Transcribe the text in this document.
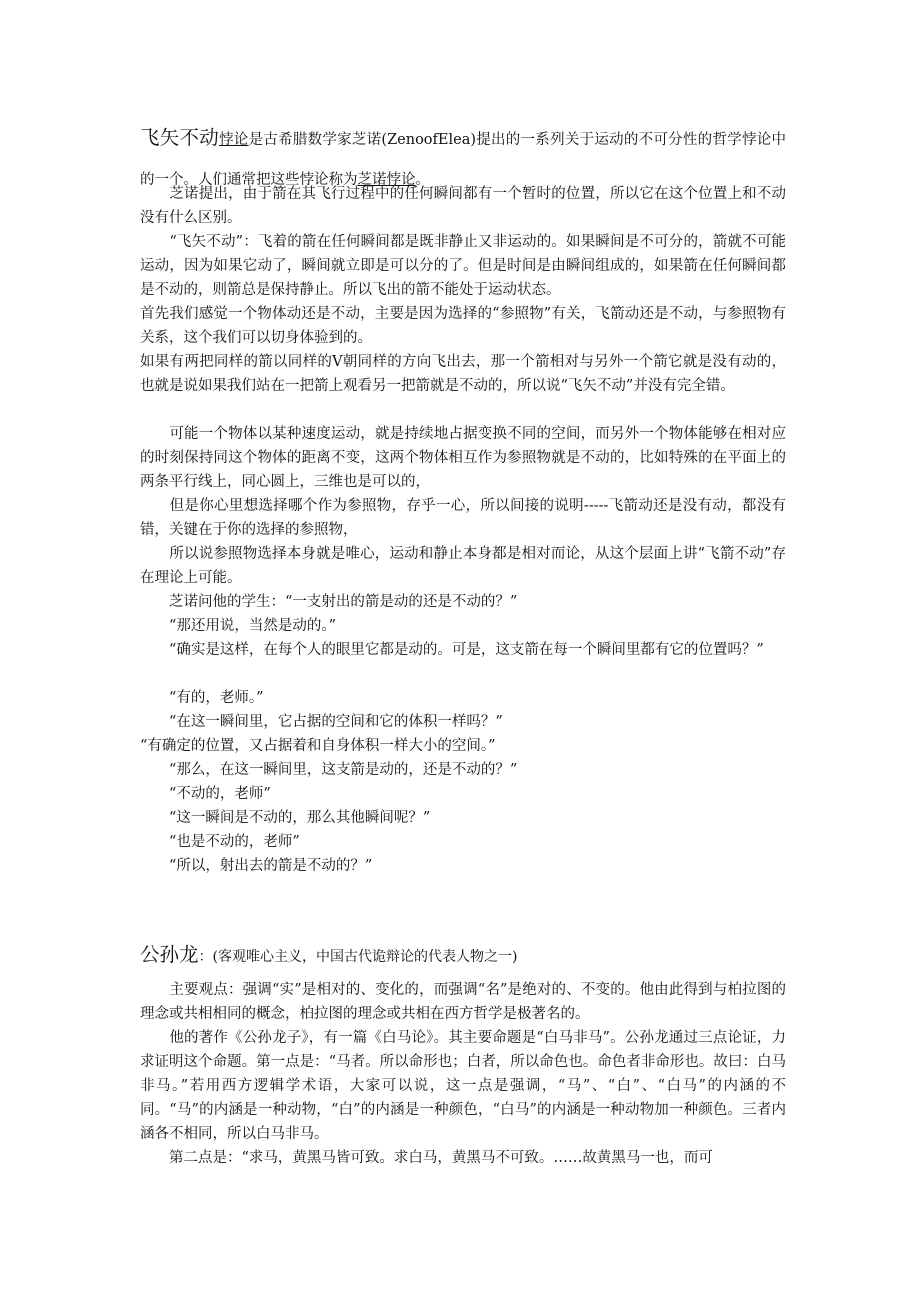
飞矢不动悖论是古希腊数学家芝诺(ZenoofElea)提出的一系列关于运动的不可分性的哲学悖论中的一个。人们通常把这些悖论称为芝诺悖论。

　　芝诺提出，由于箭在其飞行过程中的任何瞬间都有一个暂时的位置，所以它在这个位置上和不动没有什么区别。

　　“飞矢不动”：飞着的箭在任何瞬间都是既非静止又非运动的。如果瞬间是不可分的，箭就不可能运动，因为如果它动了，瞬间就立即是可以分的了。但是时间是由瞬间组成的，如果箭在任何瞬间都是不动的，则箭总是保持静止。所以飞出的箭不能处于运动状态。

首先我们感觉一个物体动还是不动，主要是因为选择的“参照物”有关，飞箭动还是不动，与参照物有关系，这个我们可以切身体验到的。

如果有两把同样的箭以同样的V朝同样的方向飞出去，那一个箭相对与另外一个箭它就是没有动的，也就是说如果我们站在一把箭上观看另一把箭就是不动的，所以说“飞矢不动”并没有完全错。

　　可能一个物体以某种速度运动，就是持续地占据变换不同的空间，而另外一个物体能够在相对应的时刻保持同这个物体的距离不变，这两个物体相互作为参照物就是不动的，比如特殊的在平面上的两条平行线上，同心圆上，三维也是可以的，

　　但是你心里想选择哪个作为参照物，存乎一心，所以间接的说明-----飞箭动还是没有动，都没有错，关键在于你的选择的参照物，

　　所以说参照物选择本身就是唯心，运动和静止本身都是相对而论，从这个层面上讲“飞箭不动”存在理论上可能。

　　芝诺问他的学生：“一支射出的箭是动的还是不动的？”

　　“那还用说，当然是动的。”

　　“确实是这样，在每个人的眼里它都是动的。可是，这支箭在每一个瞬间里都有它的位置吗？”

　　“有的，老师。”

　　“在这一瞬间里，它占据的空间和它的体积一样吗？”

“有确定的位置，又占据着和自身体积一样大小的空间。”

　　“那么，在这一瞬间里，这支箭是动的，还是不动的？”

　　“不动的，老师”

　　“这一瞬间是不动的，那么其他瞬间呢？”

　　“也是不动的，老师”

　　“所以，射出去的箭是不动的？”

公孙龙：(客观唯心主义，中国古代诡辩论的代表人物之一)

　　主要观点：强调“实”是相对的、变化的，而强调“名”是绝对的、不变的。他由此得到与柏拉图的理念或共相相同的概念，柏拉图的理念或共相在西方哲学是极著名的。

　　他的著作《公孙龙子》，有一篇《白马论》。其主要命题是“白马非马”。公孙龙通过三点论证，力求证明这个命题。第一点是：“马者。所以命形也；白者，所以命色也。命色者非命形也。故曰：白马非马。”若用西方逻辑学术语，大家可以说，这一点是强调，“马”、“白”、“白马”的内涵的不同。“马”的内涵是一种动物，“白”的内涵是一种颜色，“白马”的内涵是一种动物加一种颜色。三者内涵各不相同，所以白马非马。

　　第二点是：“求马，黄黑马皆可致。求白马，黄黑马不可致。……故黄黑马一也，而可
